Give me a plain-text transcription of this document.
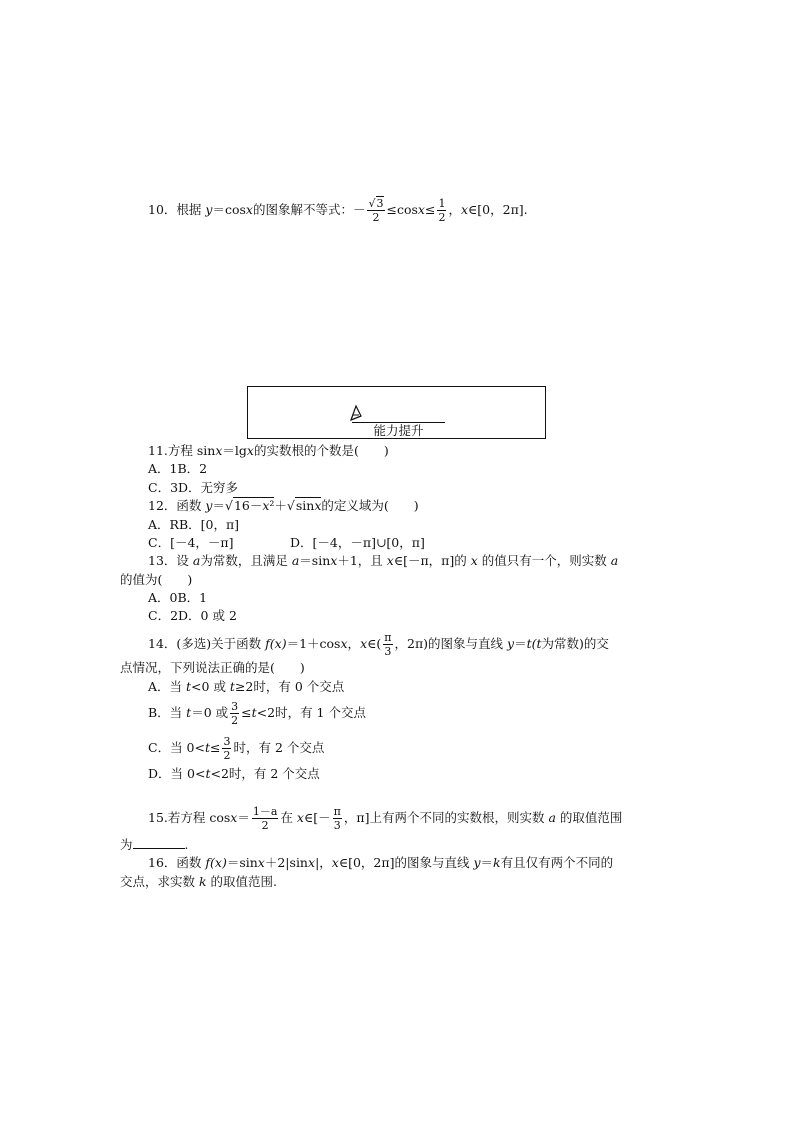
10．根据 y＝cosx的图象解不等式：－ $\frac{√3}{2} \le\cos x\le \frac{1}{2}$ ，x∈[0，2π].
能力提升
11.方程 sinx＝lgx的实数根的个数是(　　)
A．1B．2
C．3D．无穷多
12．函数 y＝√16－x²＋√sinx的定义域为(　　)
A．RB．[0，π]
C．[－4，－π]	D．[－4，－π]∪[0，π]
13．设 a为常数，且满足 a＝sinx＋1，且 x∈[－π，π]的 x 的值只有一个，则实数 a
的值为(　　)
A．0B．1
C．2D．0 或 2
14．(多选)关于函数 f(x)＝1＋cosx，x∈( $\frac{\pi}{3}$ ，2π)的图象与直线 y＝t(t为常数)的交
点情况，下列说法正确的是(　　)
A．当 t<0 或 t≥2时，有 0 个交点
B．当 t＝0 或 $\frac{3}{2} \le t<2$时，有 1 个交点
C．当 $0<t\le \frac{3}{2}$ 时，有 2 个交点
D．当 0<t<2时，有 2 个交点
15.若方程 $\cos x= \frac{1-a}{2}$ 在 x∈[－ $\frac{\pi}{3}$ ，π]上有两个不同的实数根，则实数 a 的取值范围
为	.
16．函数 f(x)＝sinx＋2|sinx|，x∈[0，2π]的图象与直线 y＝k有且仅有两个不同的
交点，求实数 k 的取值范围.
